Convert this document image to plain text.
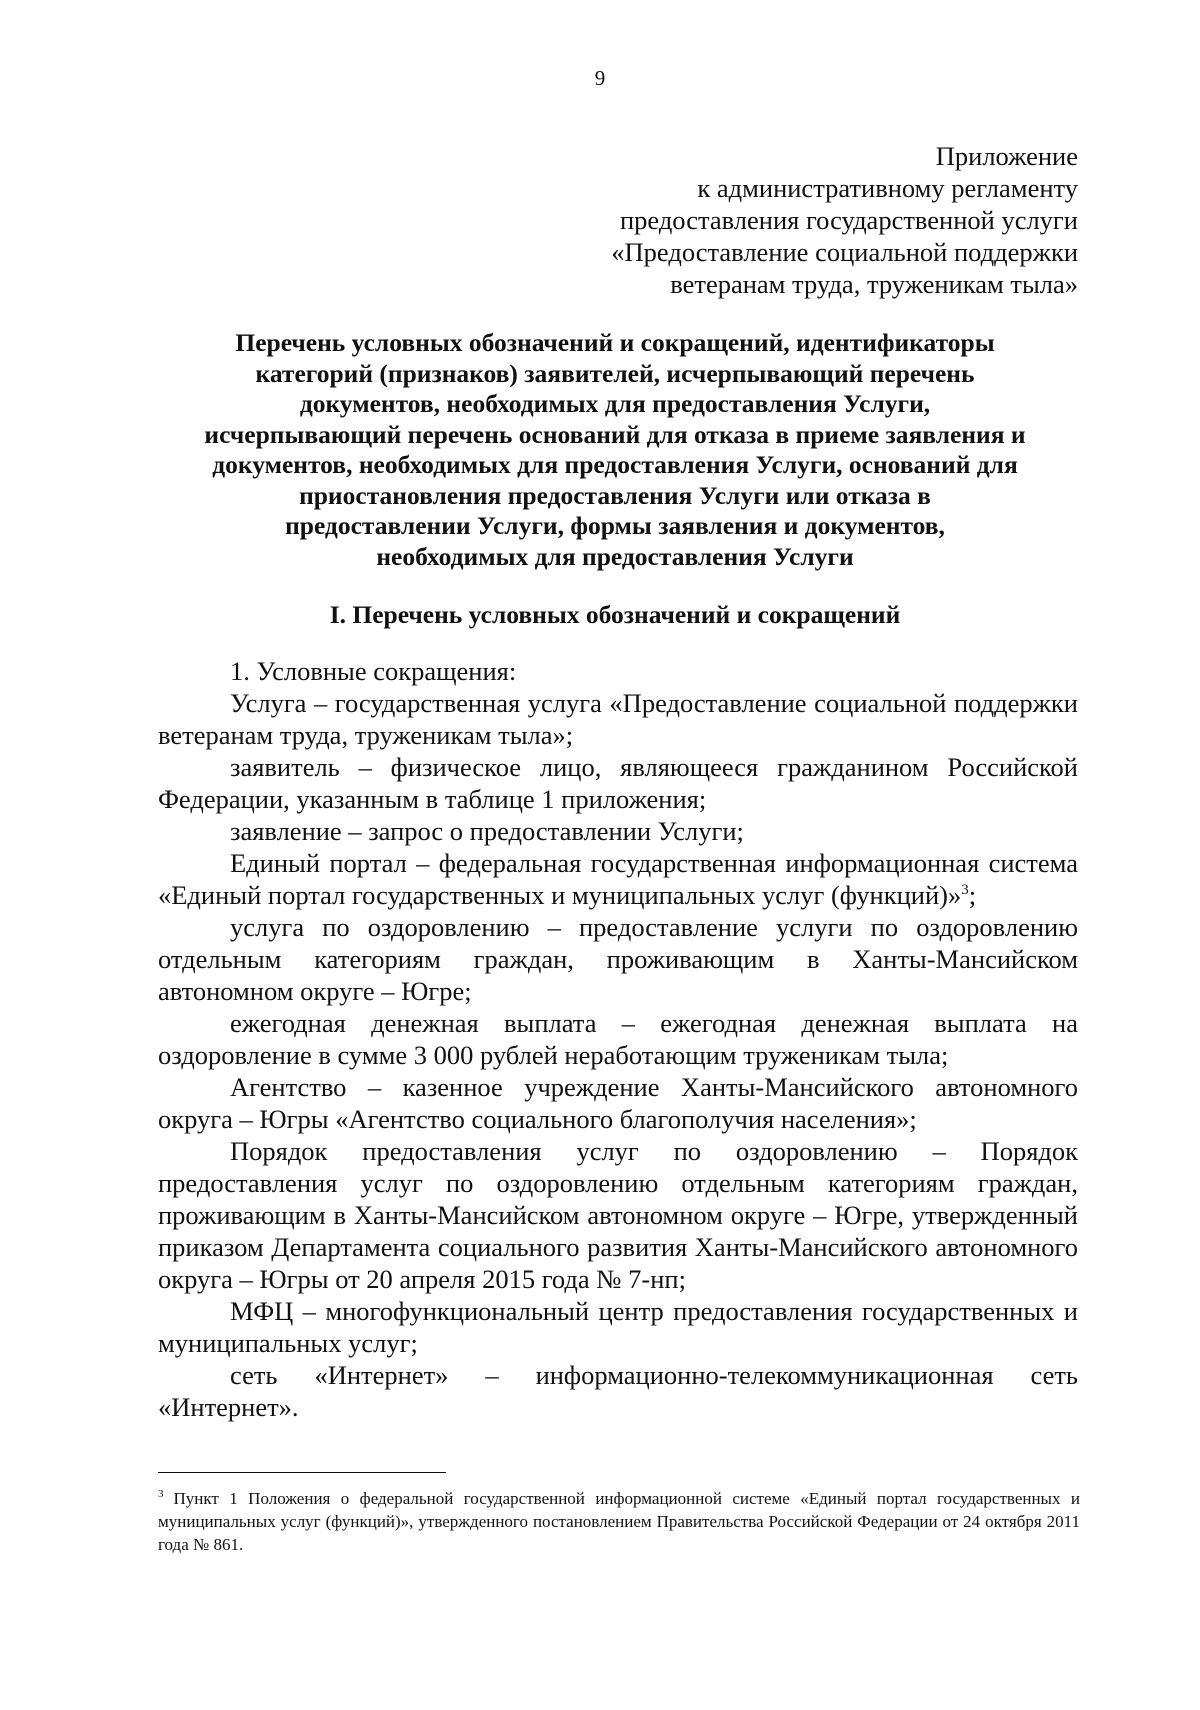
9
Приложение
к административному регламенту
предоставления государственной услуги
«Предоставление социальной поддержки
ветеранам труда, труженикам тыла»
Перечень условных обозначений и сокращений, идентификаторы
категорий (признаков) заявителей, исчерпывающий перечень
документов, необходимых для предоставления Услуги,
исчерпывающий перечень оснований для отказа в приеме заявления и
документов, необходимых для предоставления Услуги, оснований для
приостановления предоставления Услуги или отказа в
предоставлении Услуги, формы заявления и документов,
необходимых для предоставления Услуги
I. Перечень условных обозначений и сокращений

1. Условные сокращения:

Услуга – государственная услуга «Предоставление социальной поддержки ветеранам труда, труженикам тыла»;

заявитель – физическое лицо, являющееся гражданином Российской Федерации, указанным в таблице 1 приложения;

заявление – запрос о предоставлении Услуги;

Единый портал – федеральная государственная информационная система «Единый портал государственных и муниципальных услуг (функций)»$^3$;

услуга по оздоровлению – предоставление услуги по оздоровлению отдельным категориям граждан, проживающим в Ханты-Мансийском автономном округе – Югре;

ежегодная денежная выплата – ежегодная денежная выплата на оздоровление в сумме 3 000 рублей неработающим труженикам тыла;

Агентство – казенное учреждение Ханты-Мансийского автономного округа – Югры «Агентство социального благополучия населения»;

Порядок предоставления услуг по оздоровлению – Порядок предоставления услуг по оздоровлению отдельным категориям граждан, проживающим в Ханты-Мансийском автономном округе – Югре, утвержденный приказом Департамента социального развития Ханты-Мансийского автономного округа – Югры от 20 апреля 2015 года № 7-нп;

МФЦ – многофункциональный центр предоставления государственных и муниципальных услуг;

сеть «Интернет» – информационно-телекоммуникационная сеть «Интернет».

$^3$ Пункт 1 Положения о федеральной государственной информационной системе «Единый портал государственных и муниципальных услуг (функций)», утвержденного постановлением Правительства Российской Федерации от 24 октября 2011 года № 861.
